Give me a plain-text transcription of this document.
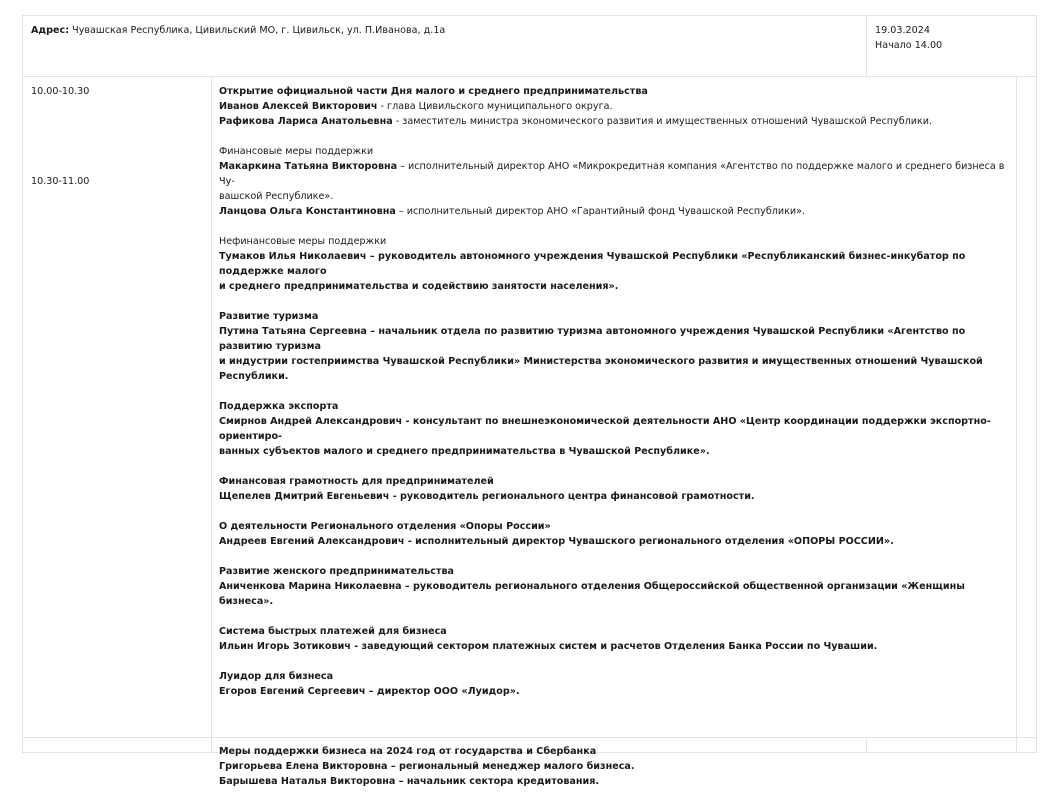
Адрес: Чувашская Республика, Цивильский МО, г. Цивильск, ул. П.Иванова, д.1а	19.03.2024
Начало 14.00
10.00-10.30
10.30-11.00
Открытие официальной части Дня малого и среднего предпринимательства
Иванов Алексей Викторович - глава Цивильского муниципального округа.
Рафикова Лариса Анатольевна - заместитель министра экономического развития и имущественных отношений Чувашской Республики.
Финансовые меры поддержки
Макаркина Татьяна Викторовна – исполнительный директор АНО «Микрокредитная компания «Агентство по поддержке малого и среднего бизнеса в Чу-
вашской Республике».
Ланцова Ольга Константиновна – исполнительный директор АНО «Гарантийный фонд Чувашской Республики».
Нефинансовые меры поддержки
Тумаков Илья Николаевич – руководитель автономного учреждения Чувашской Республики «Республиканский бизнес-инкубатор по поддержке малого
и среднего предпринимательства и содействию занятости населения».
Развитие туризма
Путина Татьяна Сергеевна – начальник отдела по развитию туризма автономного учреждения Чувашской Республики «Агентство по развитию туризма
и индустрии гостеприимства Чувашской Республики» Министерства экономического развития и имущественных отношений Чувашской Республики.
Поддержка экспорта
Смирнов Андрей Александрович - консультант по внешнеэкономической деятельности АНО «Центр координации поддержки экспортно-ориентиро-
ванных субъектов малого и среднего предпринимательства в Чувашской Республике».
Финансовая грамотность для предпринимателей
Щепелев Дмитрий Евгеньевич - руководитель регионального центра финансовой грамотности.
О деятельности Регионального отделения «Опоры России»
Андреев Евгений Александрович - исполнительный директор Чувашского регионального отделения «ОПОРЫ РОССИИ».
Развитие женского предпринимательства
Аниченкова Марина Николаевна – руководитель регионального отделения Общероссийской общественной организации «Женщины бизнеса».
Система быстрых платежей для бизнеса
Ильин Игорь Зотикович - заведующий сектором платежных систем и расчетов Отделения Банка России по Чувашии.
Луидор для бизнеса
Егоров Евгений Сергеевич – директор ООО «Луидор».
Меры поддержки бизнеса на 2024 год от государства и Сбербанка
Григорьева Елена Викторовна – региональный менеджер малого бизнеса.
Барышева Наталья Викторовна – начальник сектора кредитования.
